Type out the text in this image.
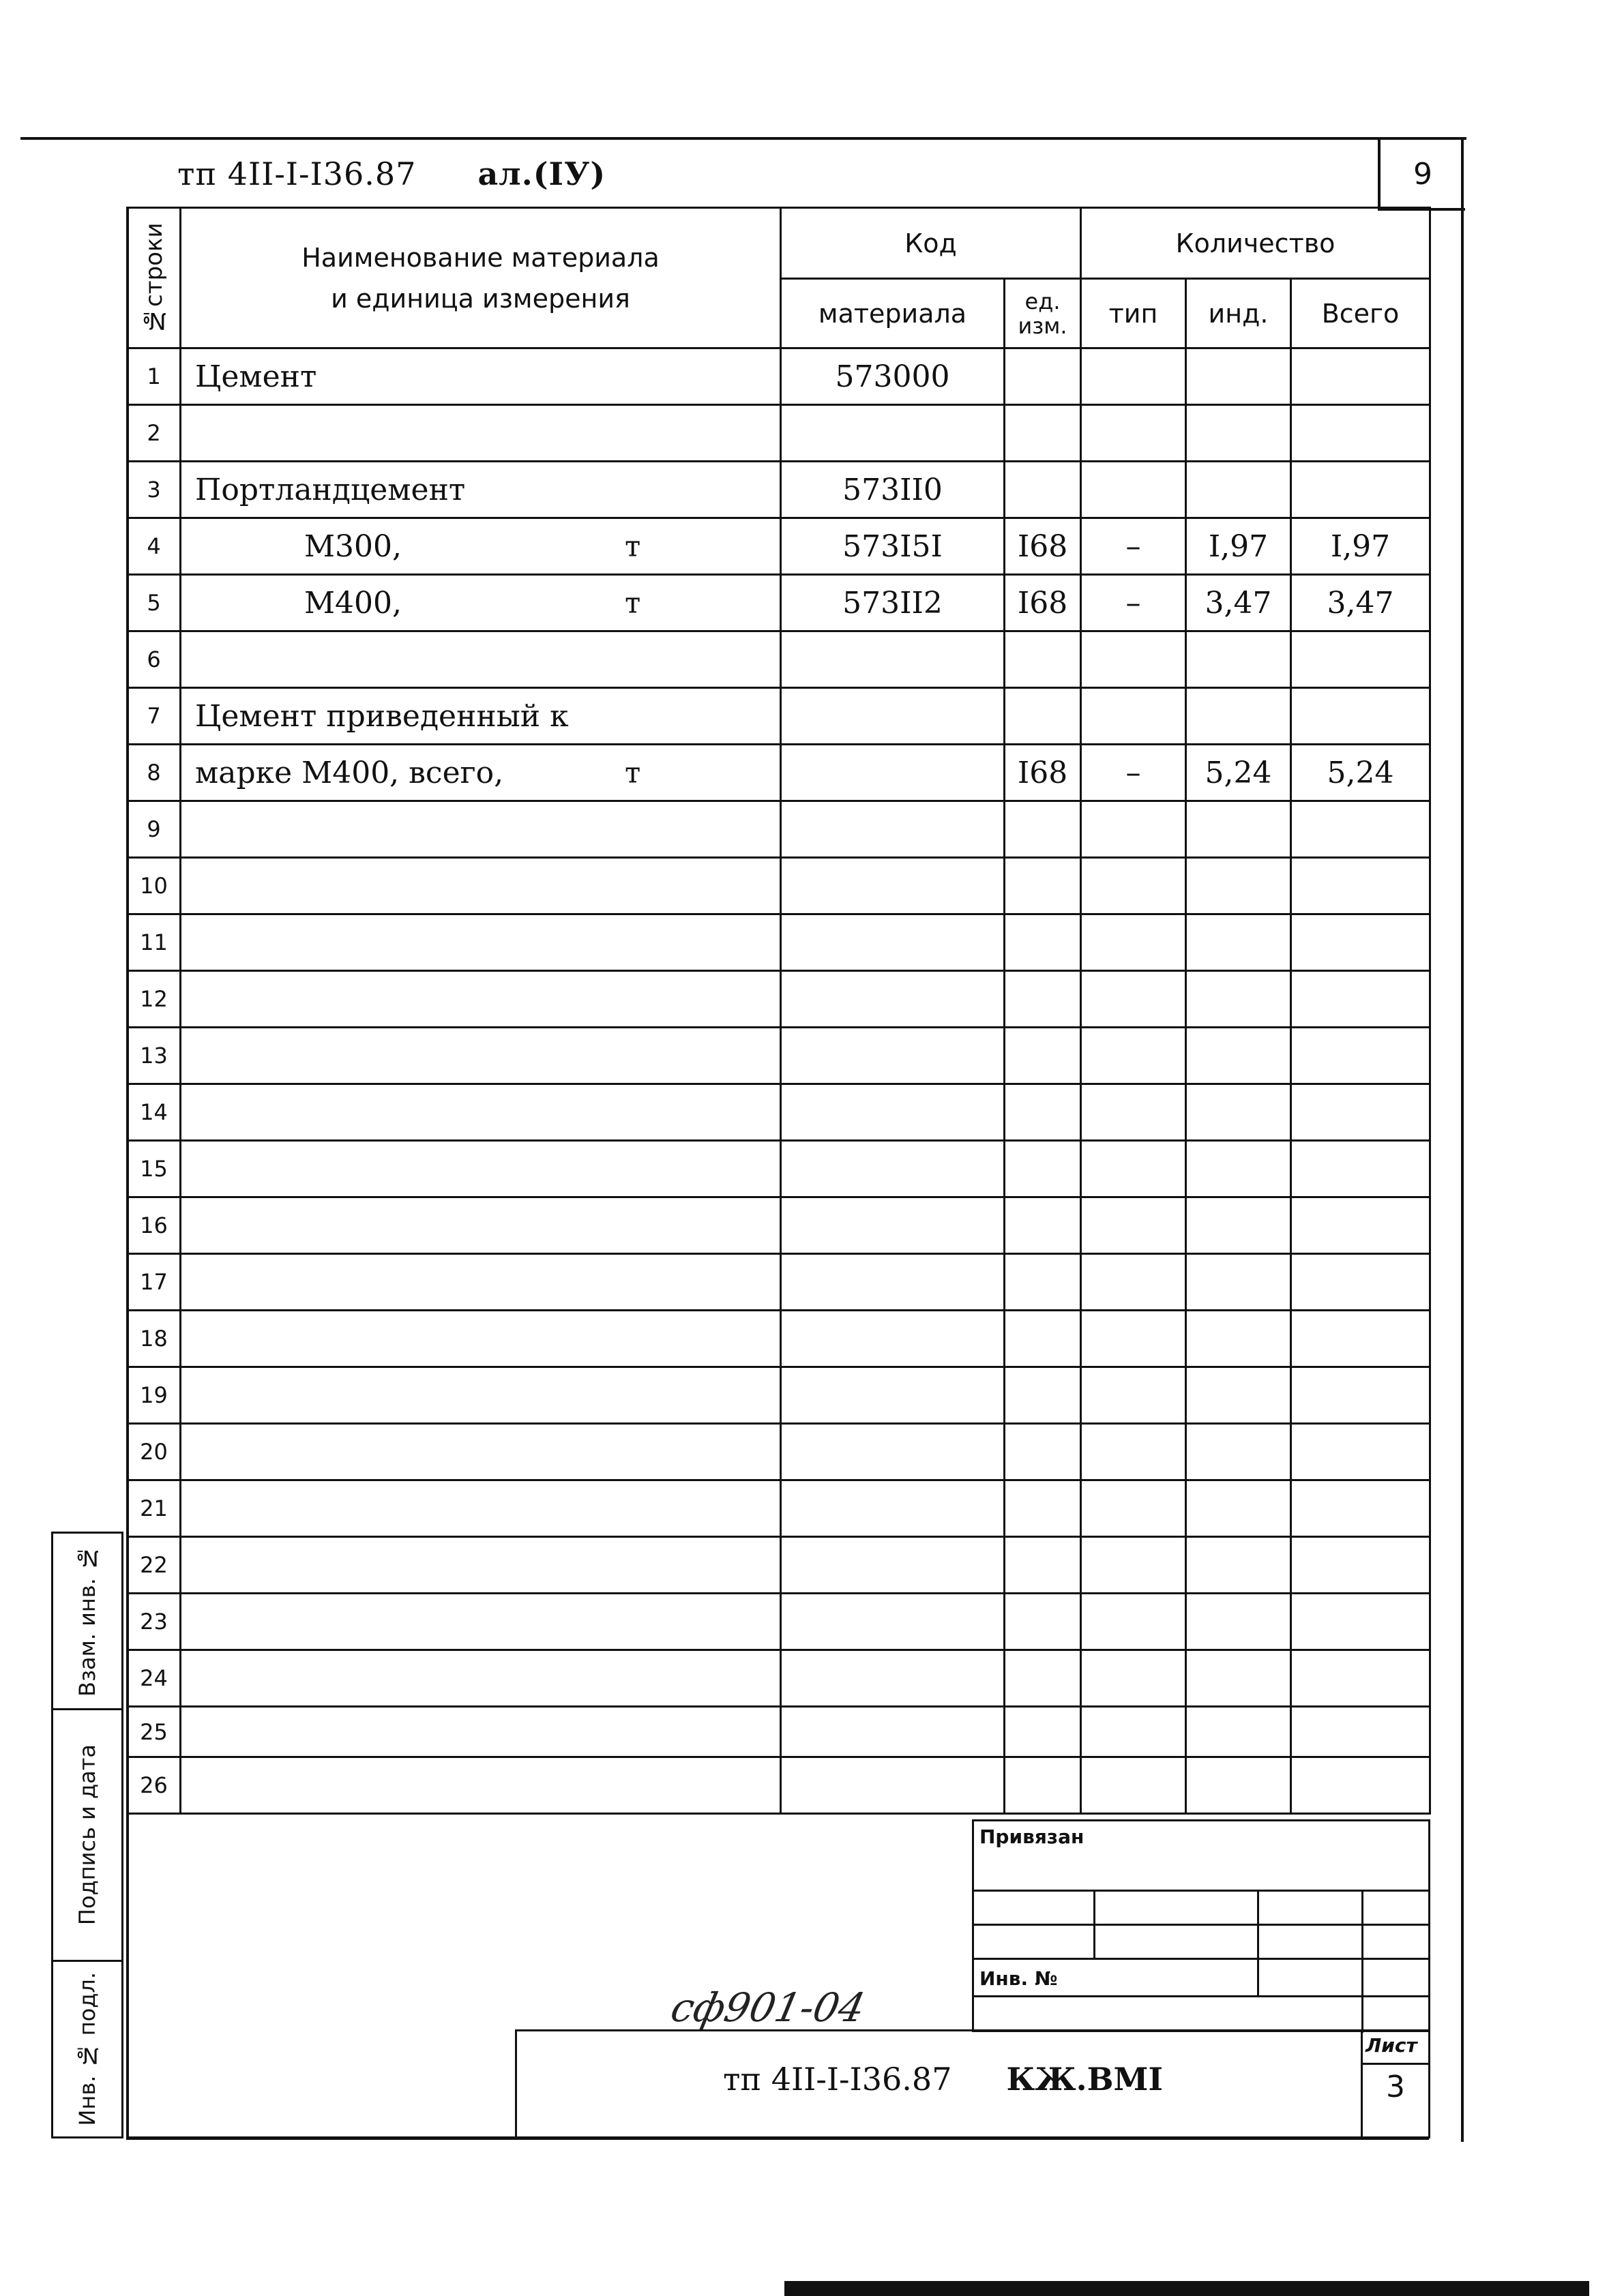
тп 4II-I-I36.87 ал.(IУ)	9
№строки	Наименование материала
и единица измерения	Код		Количество		
		материала	ед. изм.	тип	инд.	Всего
1	Цемент	573000				
2						
3	Портландцемент	573II0				
4	М300, т	573I5I	I68	–	I,97	I,97
5	М400, т	573II2	I68	–	3,47	3,47
6						
7	Цемент приведенный к					
8	марке М400, всего, т		I68	–	5,24	5,24
9						
10						
11						
12						
13						
14						
15						
16						
17						
18						
19						
20						
21						
22						
23						
24						
25						
26						
Взам. инв. №
Подпись и дата
Инв. № подл.
Привязан
Инв. №
сф901-04
тп 4II-I-I36.87 КЖ.ВМI
Лист
3
